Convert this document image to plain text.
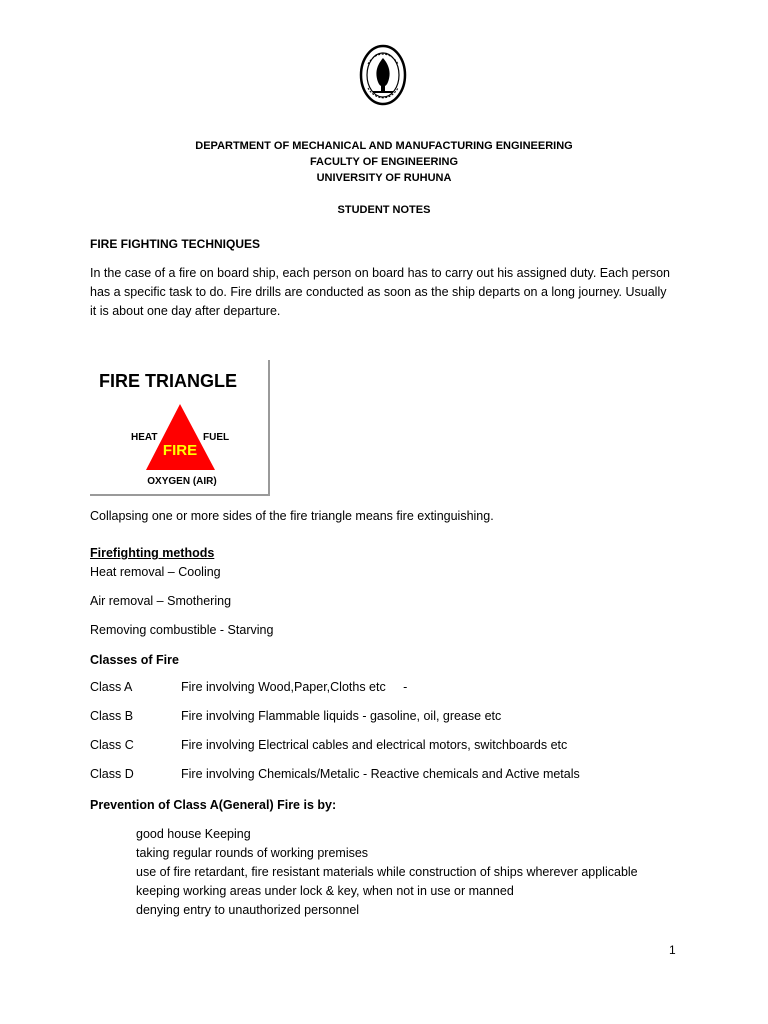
DEPARTMENT OF MECHANICAL AND MANUFACTURING ENGINEERING
FACULTY OF ENGINEERING
UNIVERSITY OF RUHUNA
STUDENT NOTES
FIRE FIGHTING TECHNIQUES
In the case of a fire on board ship, each person on board has to carry out his assigned duty. Each person
has a specific task to do. Fire drills are conducted as soon as the ship departs on a long journey. Usually
it is about one day after departure.
FIRE TRIANGLE
HEAT	FUEL
FIRE
OXYGEN (AIR)
Collapsing one or more sides of the fire triangle means fire extinguishing.
Firefighting methods
Heat removal – Cooling
Air removal – Smothering
Removing combustible - Starving
Classes of Fire
Class A	Fire involving Wood,Paper,Cloths etc     -
Class B	Fire involving Flammable liquids - gasoline, oil, grease etc
Class C	Fire involving Electrical cables and electrical motors, switchboards etc
Class D	Fire involving Chemicals/Metalic - Reactive chemicals and Active metals
Prevention of Class A(General) Fire is by:
good house Keeping
taking regular rounds of working premises
use of fire retardant, fire resistant materials while construction of ships wherever applicable
keeping working areas under lock & key, when not in use or manned
denying entry to unauthorized personnel
1
